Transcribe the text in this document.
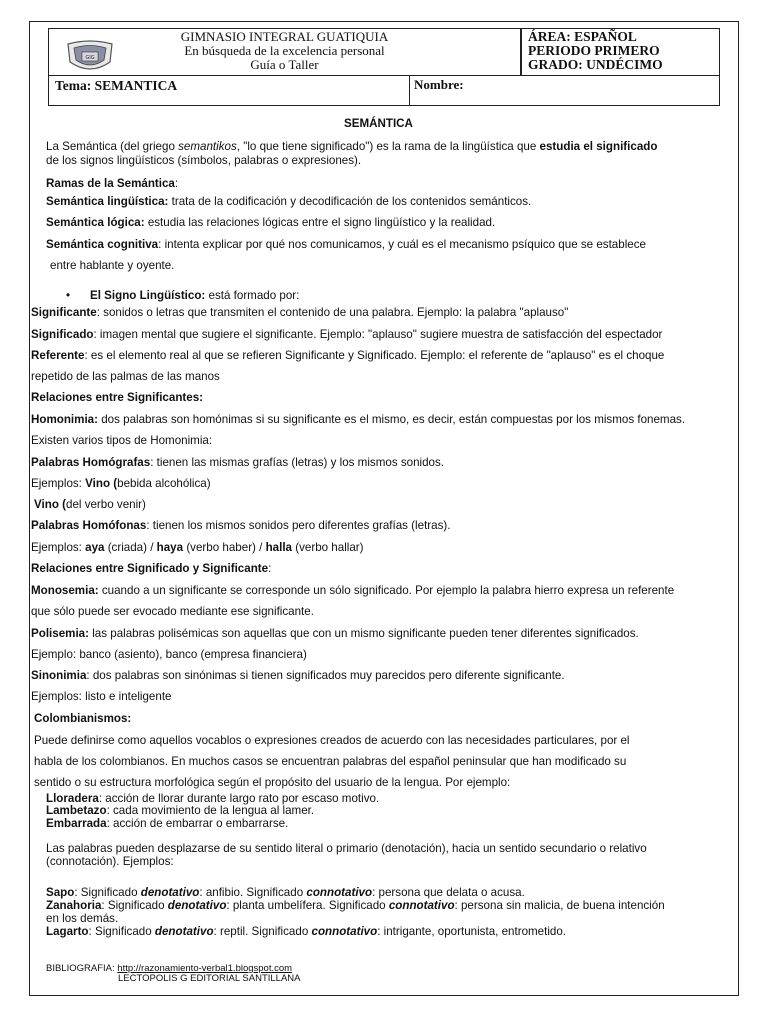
GIG
GIMNASIO INTEGRAL GUATIQUIA
En búsqueda de la excelencia personal
Guía o Taller
ÁREA: ESPAÑOL
PERIODO PRIMERO
GRADO: UNDÉCIMO
Tema: SEMANTICA	Nombre:
SEMÁNTICA
La Semántica (del griego semantikos, "lo que tiene significado") es la rama de la lingüística que estudia el significado
de los signos lingüísticos (símbolos, palabras o expresiones).
Ramas de la Semántica:
Semántica lingüística: trata de la codificación y decodificación de los contenidos semánticos.
Semántica lógica: estudia las relaciones lógicas entre el signo lingüístico y la realidad.
Semántica cognitiva: intenta explicar por qué nos comunicamos, y cuál es el mecanismo psíquico que se establece
entre hablante y oyente.
• El Signo Lingüístico: está formado por:
Significante: sonidos o letras que transmiten el contenido de una palabra. Ejemplo: la palabra "aplauso"
Significado: imagen mental que sugiere el significante. Ejemplo: "aplauso" sugiere muestra de satisfacción del espectador
Referente: es el elemento real al que se refieren Significante y Significado. Ejemplo: el referente de "aplauso" es el choque
repetido de las palmas de las manos
Relaciones entre Significantes:
Homonimia: dos palabras son homónimas si su significante es el mismo, es decir, están compuestas por los mismos fonemas.
Existen varios tipos de Homonimia:
Palabras Homógrafas: tienen las mismas grafías (letras) y los mismos sonidos.
Ejemplos: Vino (bebida alcohólica)
Vino (del verbo venir)
Palabras Homófonas: tienen los mismos sonidos pero diferentes grafías (letras).
Ejemplos: aya (criada) / haya (verbo haber) / halla (verbo hallar)
Relaciones entre Significado y Significante:
Monosemia: cuando a un significante se corresponde un sólo significado. Por ejemplo la palabra hierro expresa un referente
que sólo puede ser evocado mediante ese significante.
Polisemia: las palabras polisémicas son aquellas que con un mismo significante pueden tener diferentes significados.
Ejemplo: banco (asiento), banco (empresa financiera)
Sinonimia: dos palabras son sinónimas si tienen significados muy parecidos pero diferente significante.
Ejemplos: listo e inteligente
Colombianismos:
Puede definirse como aquellos vocablos o expresiones creados de acuerdo con las necesidades particulares, por el
habla de los colombianos. En muchos casos se encuentran palabras del español peninsular que han modificado su
sentido o su estructura morfológica según el propósito del usuario de la lengua. Por ejemplo:
Lloradera: acción de llorar durante largo rato por escaso motivo.
Lambetazo: cada movimiento de la lengua al lamer.
Embarrada: acción de embarrar o embarrarse.
Las palabras pueden desplazarse de su sentido literal o primario (denotación), hacia un sentido secundario o relativo
(connotación). Ejemplos:
Sapo: Significado denotativo: anfibio. Significado connotativo: persona que delata o acusa.
Zanahoria: Significado denotativo: planta umbelífera. Significado connotativo: persona sin malicia, de buena intención
en los demás.
Lagarto: Significado denotativo: reptil. Significado connotativo: intrigante, oportunista, entrometido.
BIBLIOGRAFIA: http://razonamiento-verbal1.blogspot.com
LECTOPOLIS G EDITORIAL SANTILLANA
